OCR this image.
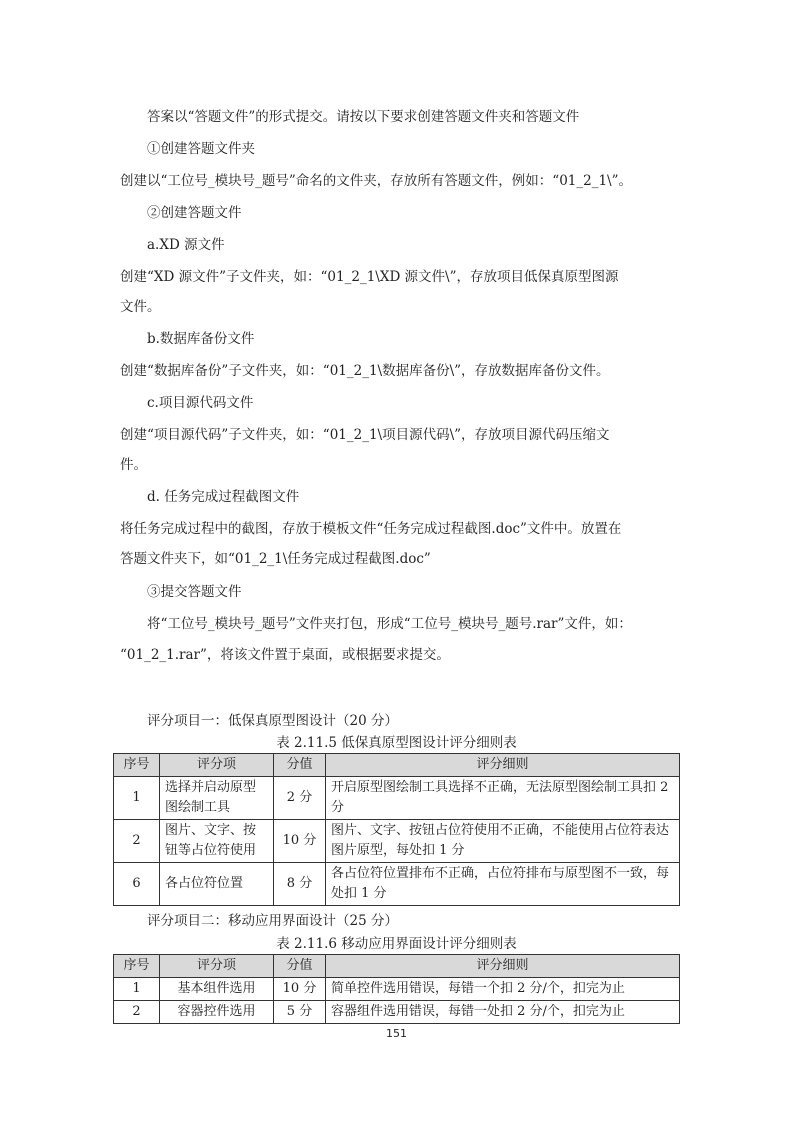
答案以“答题文件”的形式提交。请按以下要求创建答题文件夹和答题文件
①创建答题文件夹
创建以“工位号_模块号_题号”命名的文件夹，存放所有答题文件，例如：“01_2_1\”。
②创建答题文件
a.XD 源文件
创建“XD 源文件”子文件夹，如：“01_2_1\XD 源文件\”，存放项目低保真原型图源
文件。
b.数据库备份文件
创建“数据库备份”子文件夹，如：“01_2_1\数据库备份\”，存放数据库备份文件。
c.项目源代码文件
创建“项目源代码”子文件夹，如：“01_2_1\项目源代码\”，存放项目源代码压缩文
件。
d. 任务完成过程截图文件
将任务完成过程中的截图，存放于模板文件“任务完成过程截图.doc”文件中。放置在
答题文件夹下，如“01_2_1\任务完成过程截图.doc”
③提交答题文件
将“工位号_模块号_题号”文件夹打包，形成“工位号_模块号_题号.rar”文件，如：
“01_2_1.rar”，将该文件置于桌面，或根据要求提交。
评分项目一：低保真原型图设计（20 分）
表 2.11.5 低保真原型图设计评分细则表
序号	评分项	分值	评分细则
1	选择并启动原型图绘制工具	2 分	开启原型图绘制工具选择不正确，无法原型图绘制工具扣 2 分
2	图片、文字、按钮等占位符使用	10 分	图片、文字、按钮占位符使用不正确，不能使用占位符表达图片原型，每处扣 1 分
6	各占位符位置	8 分	各占位符位置排布不正确，占位符排布与原型图不一致，每处扣 1 分
评分项目二：移动应用界面设计（25 分）
表 2.11.6 移动应用界面设计评分细则表
序号	评分项	分值	评分细则
1	基本组件选用	10 分	简单控件选用错误，每错一个扣 2 分/个，扣完为止
2	容器控件选用	5 分	容器组件选用错误，每错一处扣 2 分/个，扣完为止
151
